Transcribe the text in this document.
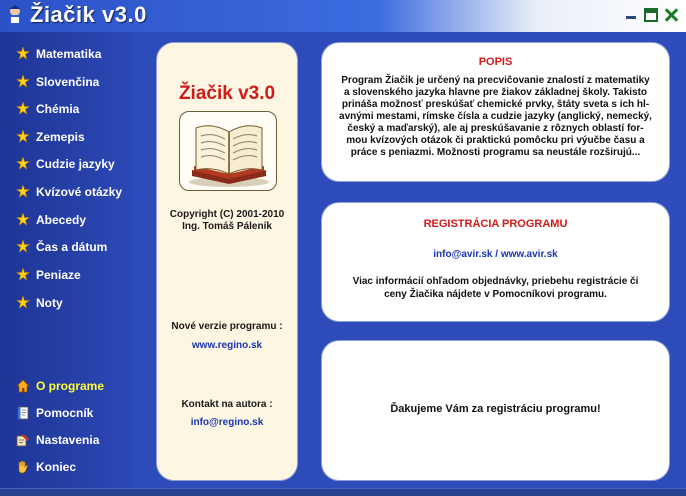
Žiačik v3.0
Matematika
Slovenčina
Chémia
Zemepis
Cudzie jazyky
Kvízové otázky
Abecedy
Čas a dátum
Peniaze
Noty
O programe
Pomocník
Nastavenia
Koniec
Žiačik v3.0
Copyright (C) 2001-2010
Ing. Tomáš Páleník
Nové verzie programu :
www.regino.sk
Kontakt na autora :
info@regino.sk
POPIS
Program Žiačik je určený na precvičovanie znalostí z matematiky
a slovenského jazyka hlavne pre žiakov základnej školy. Takisto
prináša možnosť preskúšať chemické prvky, štáty sveta s ich hl-
avnými mestami, rímske čísla a cudzie jazyky (anglický, nemecký,
český a maďarský), ale aj preskúšavanie z rôznych oblastí for-
mou kvízových otázok či praktickú pomôcku pri výučbe času a
práce s peniazmi. Možnosti programu sa neustále rozširujú...
REGISTRÁCIA PROGRAMU
info@avir.sk / www.avir.sk
Viac informácií ohľadom objednávky, priebehu registrácie či
ceny Žiačika nájdete v Pomocníkovi programu.
Ďakujeme Vám za registráciu programu!
